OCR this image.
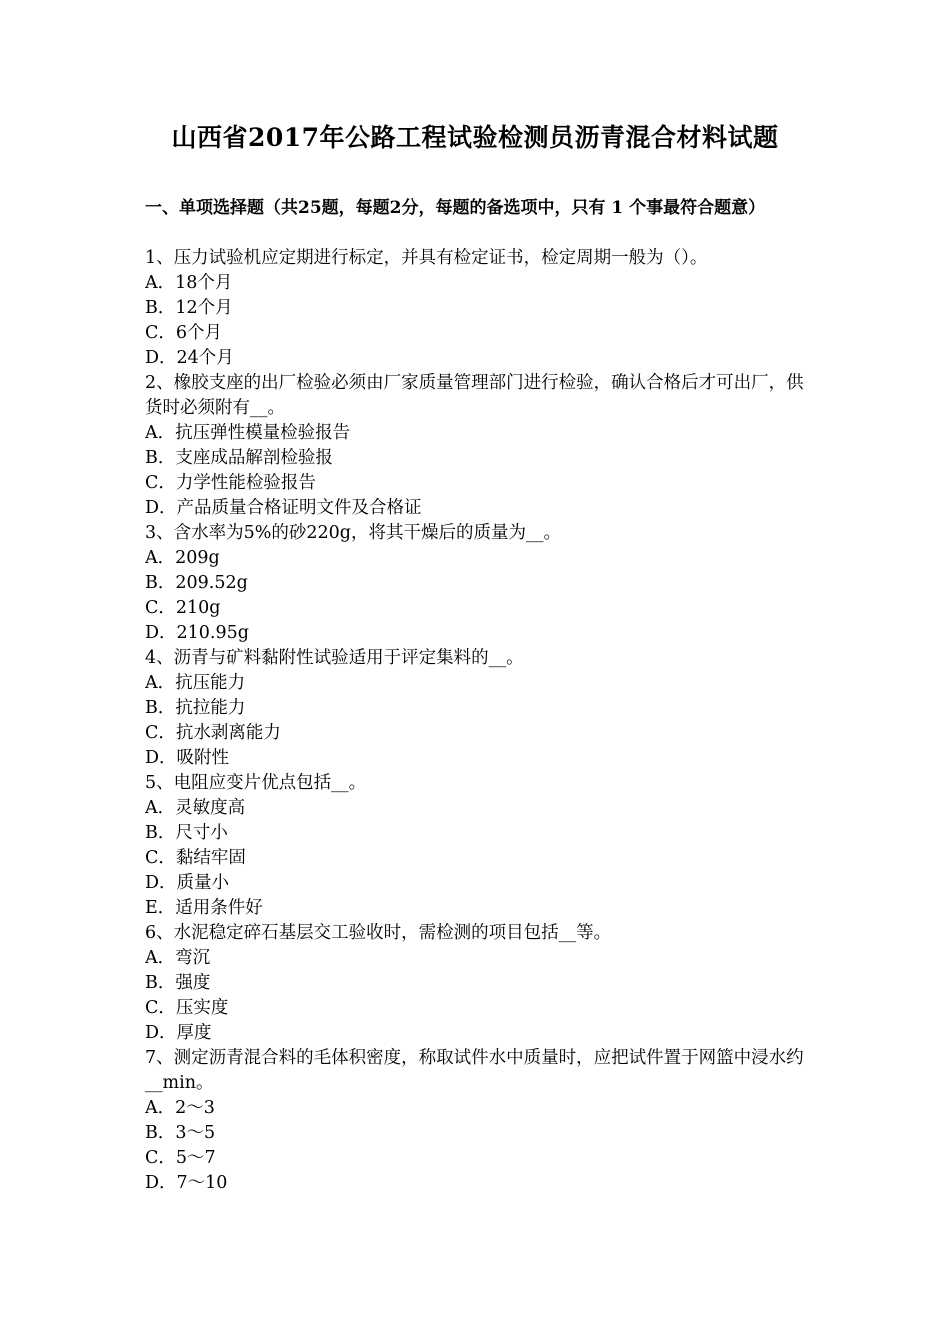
山西省2017年公路工程试验检测员沥青混合材料试题
一、单项选择题（共25题，每题2分，每题的备选项中，只有 1 个事最符合题意）
1、压力试验机应定期进行标定，并具有检定证书，检定周期一般为（）。
A．18个月
B．12个月
C．6个月
D．24个月
2、橡胶支座的出厂检验必须由厂家质量管理部门进行检验，确认合格后才可出厂，供货时必须附有__。
A．抗压弹性模量检验报告
B．支座成品解剖检验报
C．力学性能检验报告
D．产品质量合格证明文件及合格证
3、含水率为5%的砂220g，将其干燥后的质量为__。
A．209g
B．209.52g
C．210g
D．210.95g
4、沥青与矿料黏附性试验适用于评定集料的__。
A．抗压能力
B．抗拉能力
C．抗水剥离能力
D．吸附性
5、电阻应变片优点包括__。
A．灵敏度高
B．尺寸小
C．黏结牢固
D．质量小
E．适用条件好
6、水泥稳定碎石基层交工验收时，需检测的项目包括__等。
A．弯沉
B．强度
C．压实度
D．厚度
7、测定沥青混合料的毛体积密度，称取试件水中质量时，应把试件置于网篮中浸水约__min。
A．2～3
B．3～5
C．5～7
D．7～10
